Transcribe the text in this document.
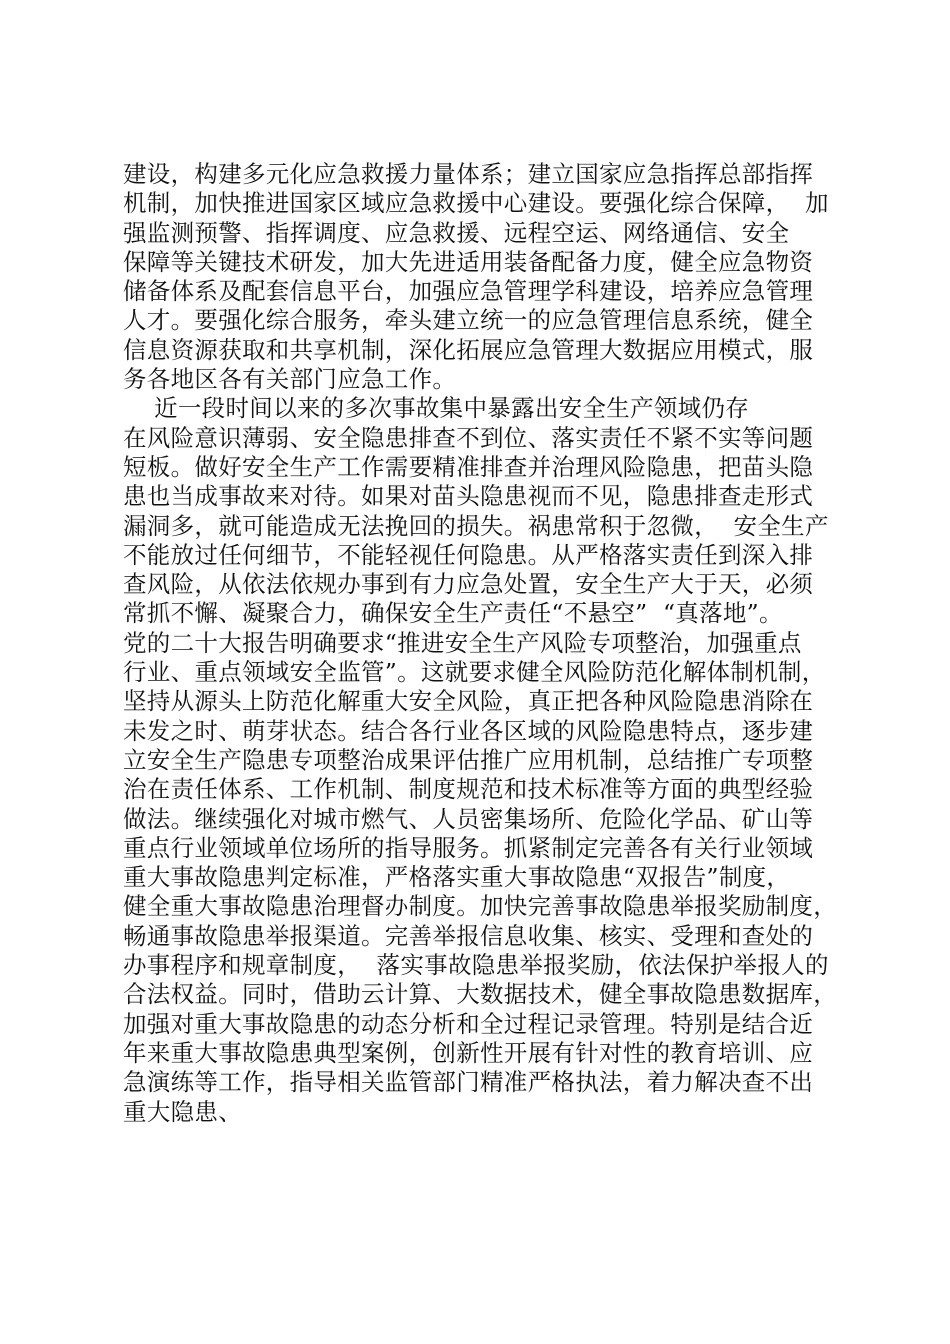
建设，构建多元化应急救援力量体系；建立国家应急指挥总部指挥
机制，加快推进国家区域应急救援中心建设。要强化综合保障，  加
强监测预警、指挥调度、应急救援、远程空运、网络通信、安全
保障等关键技术研发，加大先进适用装备配备力度，健全应急物资
储备体系及配套信息平台，加强应急管理学科建设，培养应急管理
人才。要强化综合服务，牵头建立统一的应急管理信息系统，健全
信息资源获取和共享机制，深化拓展应急管理大数据应用模式，服
务各地区各有关部门应急工作。
近一段时间以来的多次事故集中暴露出安全生产领域仍存
在风险意识薄弱、安全隐患排查不到位、落实责任不紧不实等问题
短板。做好安全生产工作需要精准排查并治理风险隐患，把苗头隐
患也当成事故来对待。如果对苗头隐患视而不见，隐患排查走形式
漏洞多，就可能造成无法挽回的损失。祸患常积于忽微，  安全生产
不能放过任何细节，不能轻视任何隐患。从严格落实责任到深入排
查风险，从依法依规办事到有力应急处置，安全生产大于天，必须
常抓不懈、凝聚合力，确保安全生产责任“不悬空”  “真落地”。
党的二十大报告明确要求“推进安全生产风险专项整治，加强重点
行业、重点领域安全监管”。这就要求健全风险防范化解体制机制，
坚持从源头上防范化解重大安全风险，真正把各种风险隐患消除在
未发之时、萌芽状态。结合各行业各区域的风险隐患特点，逐步建
立安全生产隐患专项整治成果评估推广应用机制，总结推广专项整
治在责任体系、工作机制、制度规范和技术标准等方面的典型经验
做法。继续强化对城市燃气、人员密集场所、危险化学品、矿山等
重点行业领域单位场所的指导服务。抓紧制定完善各有关行业领域
重大事故隐患判定标准，严格落实重大事故隐患“双报告”制度，
健全重大事故隐患治理督办制度。加快完善事故隐患举报奖励制度，
畅通事故隐患举报渠道。完善举报信息收集、核实、受理和查处的
办事程序和规章制度，  落实事故隐患举报奖励，依法保护举报人的
合法权益。同时，借助云计算、大数据技术，健全事故隐患数据库，
加强对重大事故隐患的动态分析和全过程记录管理。特别是结合近
年来重大事故隐患典型案例，创新性开展有针对性的教育培训、应
急演练等工作，指导相关监管部门精准严格执法，着力解决查不出
重大隐患、
